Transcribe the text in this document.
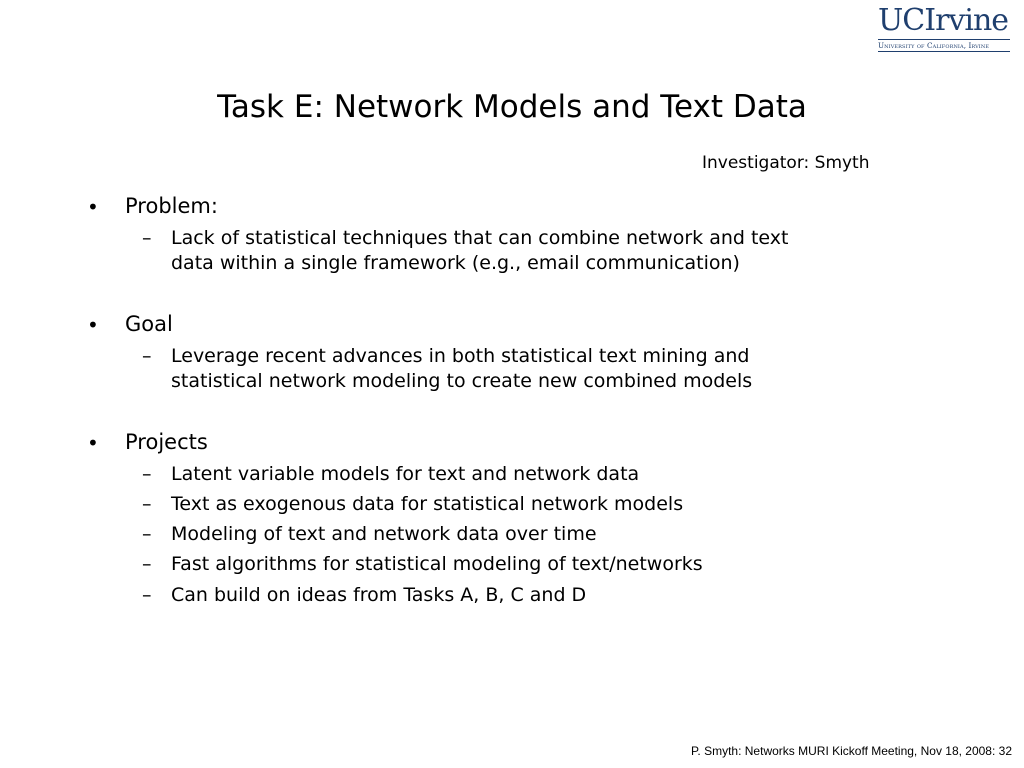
UCIrvine
University of California, Irvine
Task E: Network Models and Text Data
Investigator: Smyth
• Problem:
– Lack of statistical techniques that can combine network and text
data within a single framework (e.g., email communication)
• Goal
– Leverage recent advances in both statistical text mining and
statistical network modeling to create new combined models
• Projects
– Latent variable models for text and network data
– Text as exogenous data for statistical network models
– Modeling of text and network data over time
– Fast algorithms for statistical modeling of text/networks
– Can build on ideas from Tasks A, B, C and D
P. Smyth: Networks MURI Kickoff Meeting, Nov 18, 2008: 32
